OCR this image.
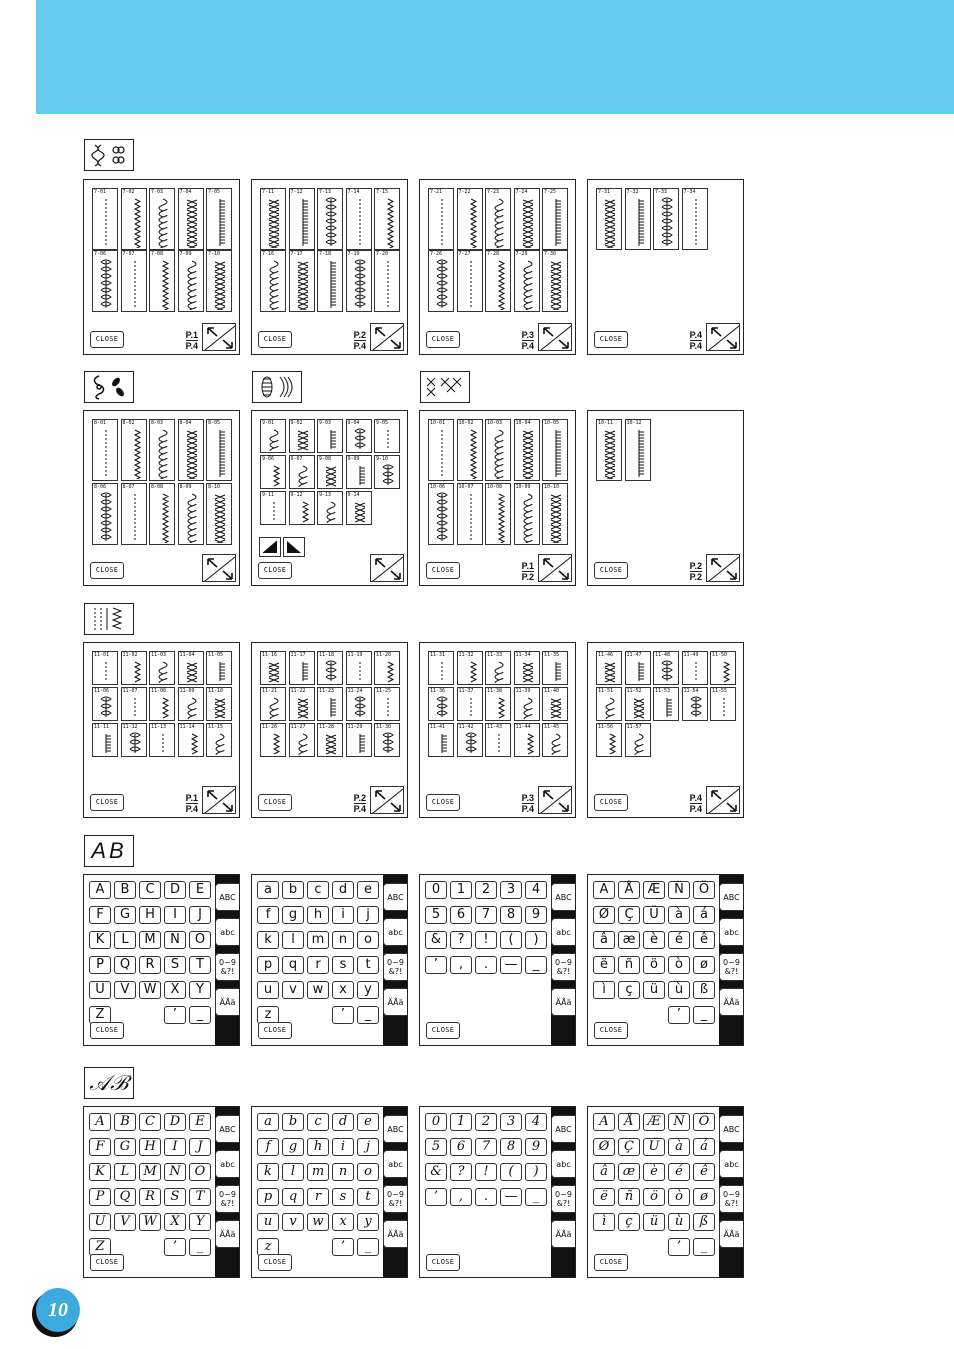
AB
𝒜ℬ
7-01	7-02	7-03	7-04	7-05
7-06	7-07	7-08	7-09	7-10
CLOSE	P.1
P.4
7-11	7-12	7-13	7-14	7-15
7-16	7-17	7-18	7-19	7-20
CLOSE	P.2
P.4
7-21	7-22	7-23	7-24	7-25
7-26	7-27	7-28	7-29	7-30
CLOSE	P.3
P.4
7-31	7-32	7-33	7-34
CLOSE	P.4
P.4
8-01	8-02	8-03	8-04	8-05
8-06	8-07	8-08	8-09	8-10
CLOSE
9-01	9-02	9-03	9-04	9-05
9-06	9-07	9-08	9-09	9-10
9-11	9-12	9-13	9-14
CLOSE
10-01	10-02	10-03	10-04	10-05
10-06	10-07	10-08	10-09	10-10
CLOSE	P.1
P.2
10-11	10-12
CLOSE	P.2
P.2
11-01	11-02	11-03	11-04	11-05
11-06	11-07	11-08	11-09	11-10
11-11	11-12	11-13	11-14	11-15
CLOSE	P.1
P.4
11-16	11-17	11-18	11-19	11-20
11-21	11-22	11-23	11-24	11-25
11-26	11-27	11-28	11-29	11-30
CLOSE	P.2
P.4
11-31	11-32	11-33	11-34	11-35
11-36	11-37	11-38	11-39	11-40
11-41	11-42	11-43	11-44	11-45
CLOSE	P.3
P.4
11-46	11-47	11-48	11-49	11-50
11-51	11-52	11-53	11-54	11-55
11-56	11-57
CLOSE	P.4
P.4
ABC
abc
0~9 &?!
ÄÅä
A	B	C	D	E
F	G	H	I	J
K	L	M	N	O
P	Q	R	S	T
U	V	W	X	Y
Z	’	_
CLOSE
ABC
abc
0~9 &?!
ÄÅä
a	b	c	d	e
f	g	h	i	j
k	l	m	n	o
p	q	r	s	t
u	v	w	x	y
z	’	_
CLOSE
ABC
abc
0~9 &?!
ÄÅä
0	1	2	3	4
5	6	7	8	9
&	?	!	(	)
’	,	.	—	_
CLOSE
ABC
abc
0~9 &?!
ÄÅä
A	Å	Æ	Ñ	Ö
Ø	Ç	Ü	à	á
â	æ	è	é	ê
ë	ñ	ö	ò	ø
ì	ç	ü	ù	ß
’	_
CLOSE
ABC
abc
0~9 &?!
ÄÅä
A	B	C	D	E
F	G	H	I	J
K	L	M N	O
P	Q	R	S	T
U	V	W	X	Y
Z	’	_
CLOSE
ABC
abc
0~9 &?!
ÄÅä
a	b	c	d	e
f	g	h	i	j
k	l	m	n	o
p	q	r	s	t
u	v	w	x	y
z	’	_
CLOSE
ABC
abc
0~9 &?!
ÄÅä
0	1	2	3	4
5	6	7	8	9
&	?	!	(	)
’	,	.	—	_
CLOSE
ABC
abc
0~9 &?!
ÄÅä
A	Å	Æ Ñ	Ö
Ø	Ç	Ü	à	á
â	æ	è	é	ê
ë	ñ	ö	ò	ø
ì	ç	ü	ù	ß
’	_
CLOSE
10
